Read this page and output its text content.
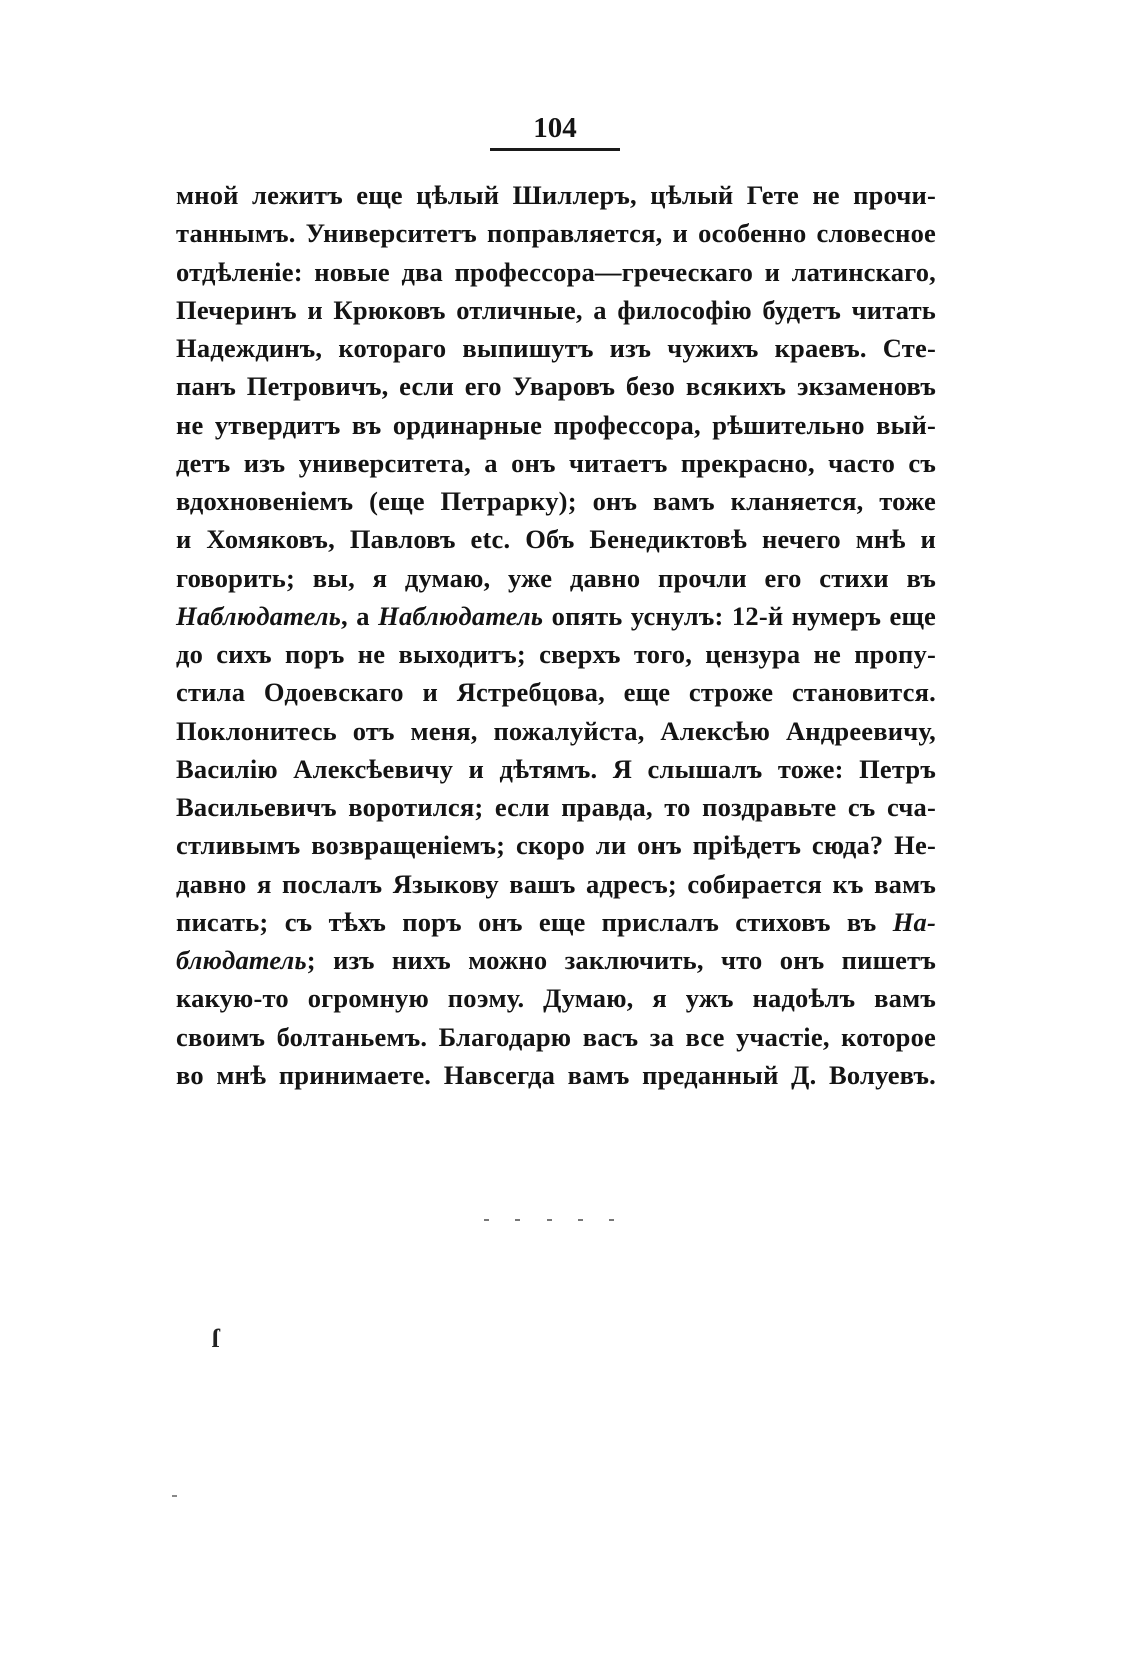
104
мной лежитъ еще цѣлый Шиллеръ, цѣлый Гете не прочи-
таннымъ. Университетъ поправляется, и особенно словесное
отдѣленіе: новые два профессора—греческаго и латинскаго,
Печеринъ и Крюковъ отличные, а философію будетъ читать
Надеждинъ, котораго выпишутъ изъ чужихъ краевъ. Сте-
панъ Петровичъ, если его Уваровъ безо всякихъ экзаменовъ
не утвердитъ въ ординарные профессора, рѣшительно вый-
детъ изъ университета, а онъ читаетъ прекрасно, часто съ
вдохновеніемъ (еще Петрарку); онъ вамъ кланяется, тоже
и Хомяковъ, Павловъ etc. Объ Бенедиктовѣ нечего мнѣ и
говорить; вы, я думаю, уже давно прочли его стихи въ
Наблюдатель, а Наблюдатель опять уснулъ: 12-й нумеръ еще
до сихъ поръ не выходитъ; сверхъ того, цензура не пропу-
стила Одоевскаго и Ястребцова, еще строже становится.
Поклонитесь отъ меня, пожалуйста, Алексѣю Андреевичу,
Василію Алексѣевичу и дѣтямъ. Я слышалъ тоже: Петръ
Васильевичъ воротился; если правда, то поздравьте съ сча-
стливымъ возвращеніемъ; скоро ли онъ пріѣдетъ сюда? Не-
давно я послалъ Языкову вашъ адресъ; собирается къ вамъ
писать; съ тѣхъ поръ онъ еще прислалъ стиховъ въ На-
блюдатель; изъ нихъ можно заключить, что онъ пишетъ
какую-то огромную поэму. Думаю, я ужъ надоѣлъ вамъ
своимъ болтаньемъ. Благодарю васъ за все участіе, которое
во мнѣ принимаете. Навсегда вамъ преданный Д. Волуевъ.
ſ
